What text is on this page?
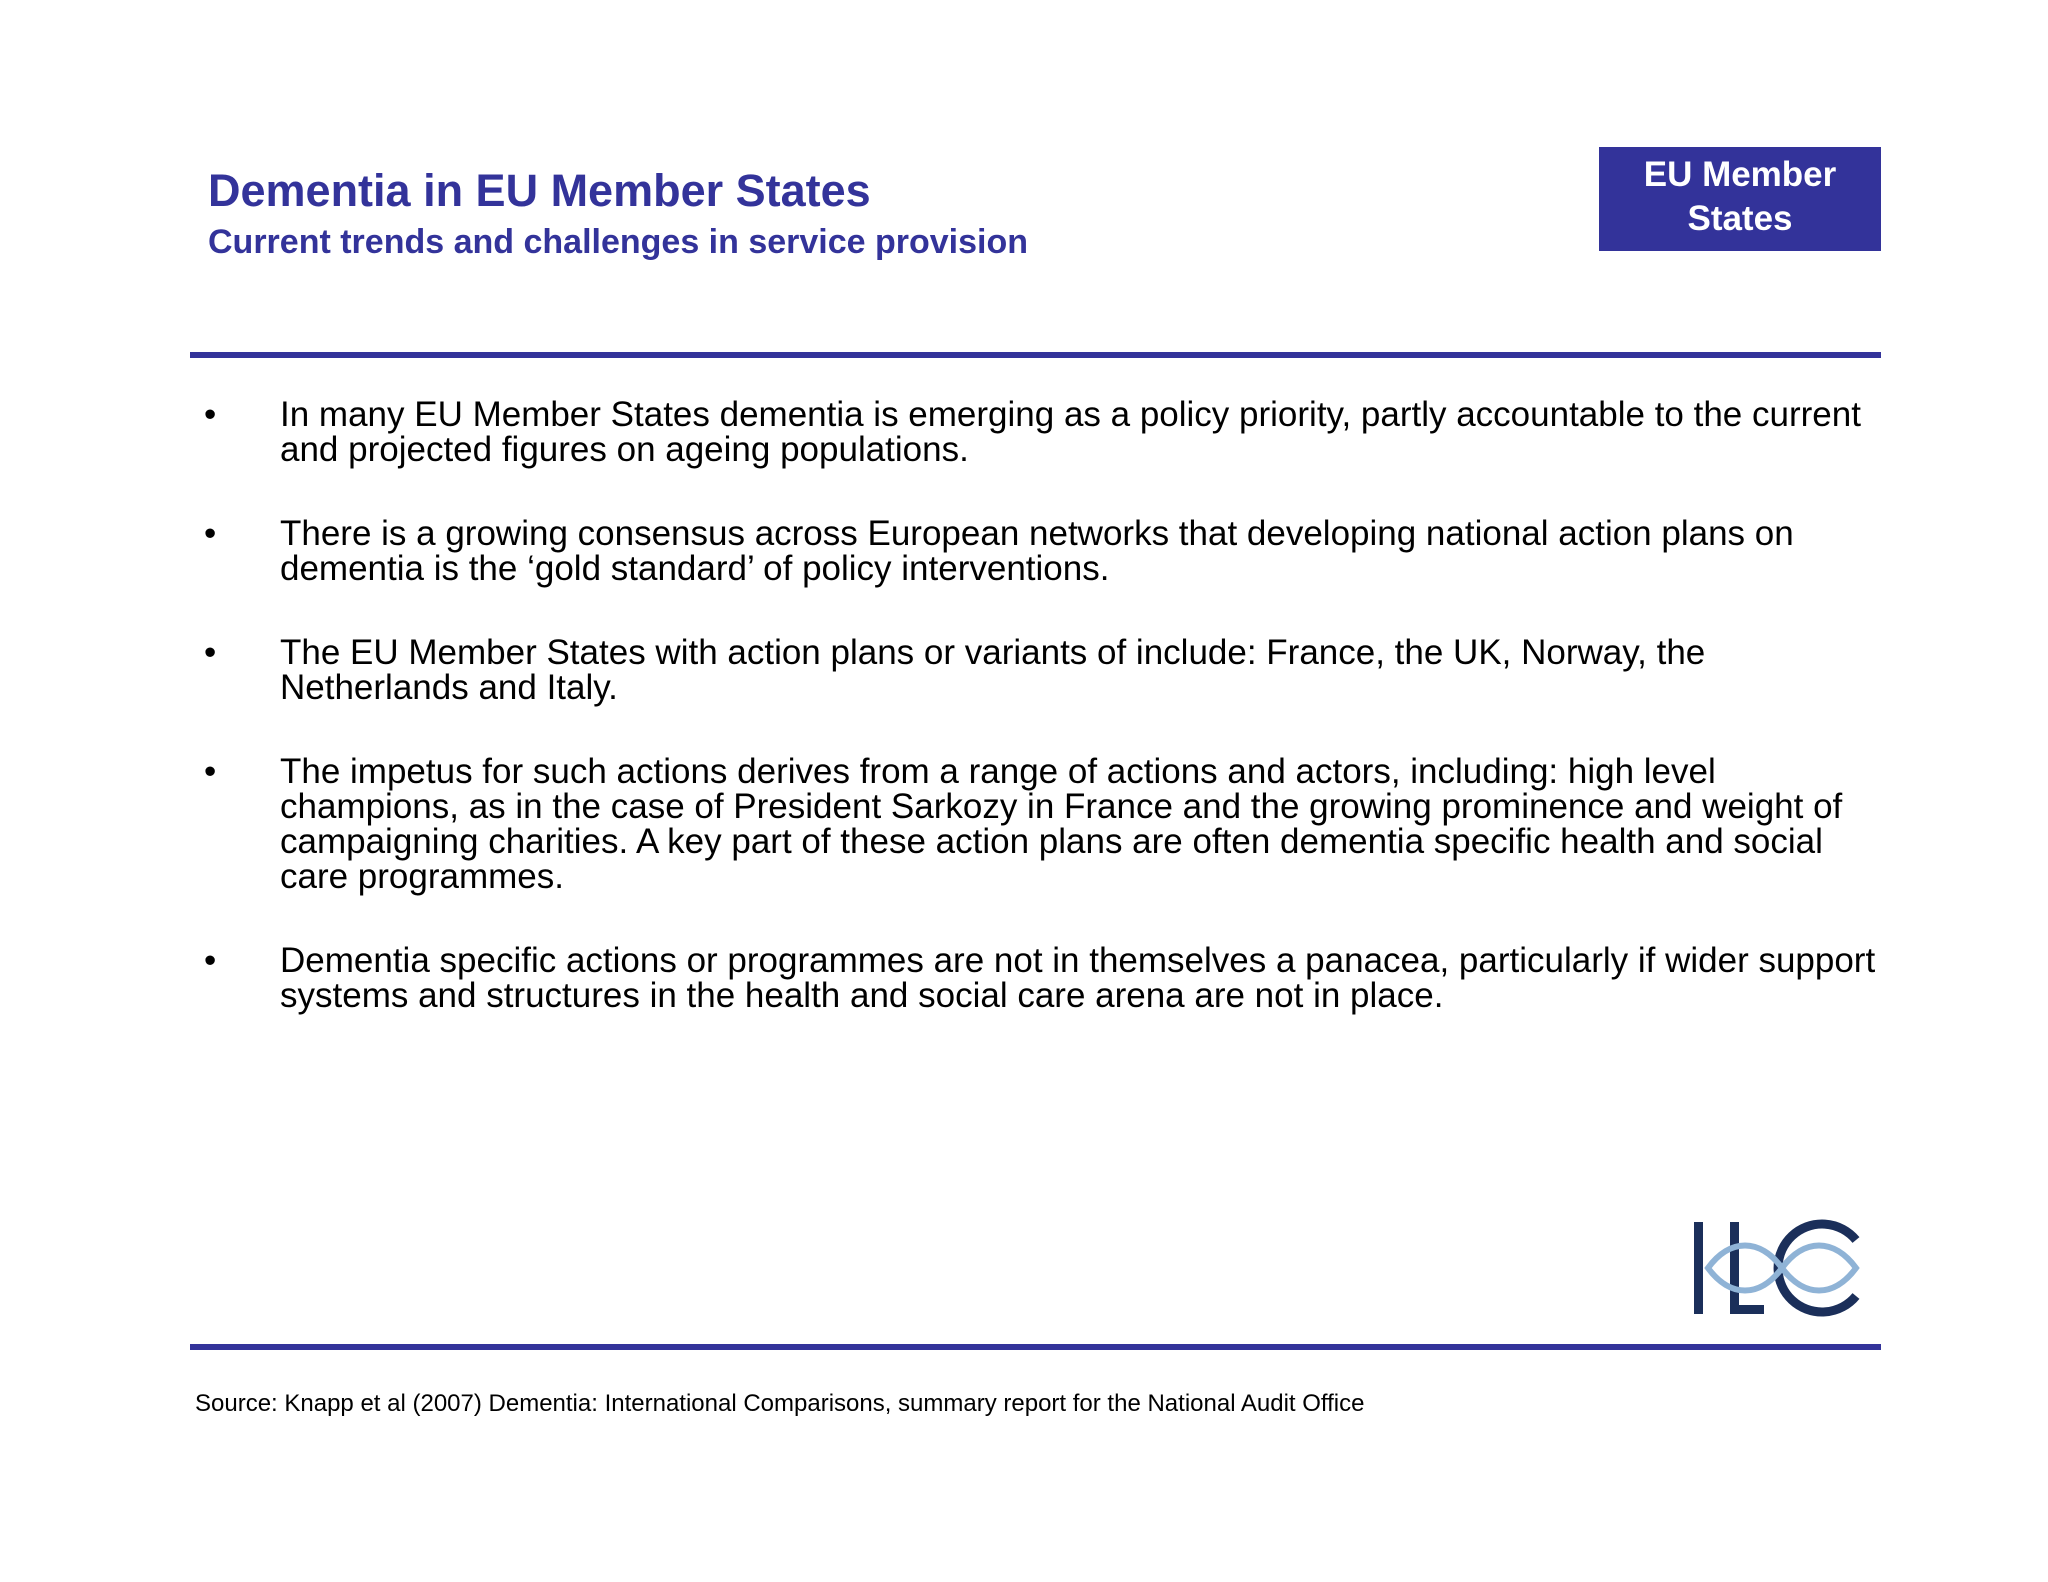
Dementia in EU Member States
Current trends and challenges in service provision
EU Member
States
• In many EU Member States dementia is emerging as a policy priority, partly accountable to the current and projected figures on ageing populations.
• There is a growing consensus across European networks that developing national action plans on dementia is the ‘gold standard’ of policy interventions.
• The EU Member States with action plans or variants of include: France, the UK, Norway, the Netherlands and Italy.
• The impetus for such actions derives from a range of actions and actors, including: high level champions, as in the case of President Sarkozy in France and the growing prominence and weight of campaigning charities. A key part of these action plans are often dementia specific health and social care programmes.
• Dementia specific actions or programmes are not in themselves a panacea, particularly if wider support systems and structures in the health and social care arena are not in place.

Source: Knapp et al (2007) Dementia: International Comparisons, summary report for the National Audit Office
